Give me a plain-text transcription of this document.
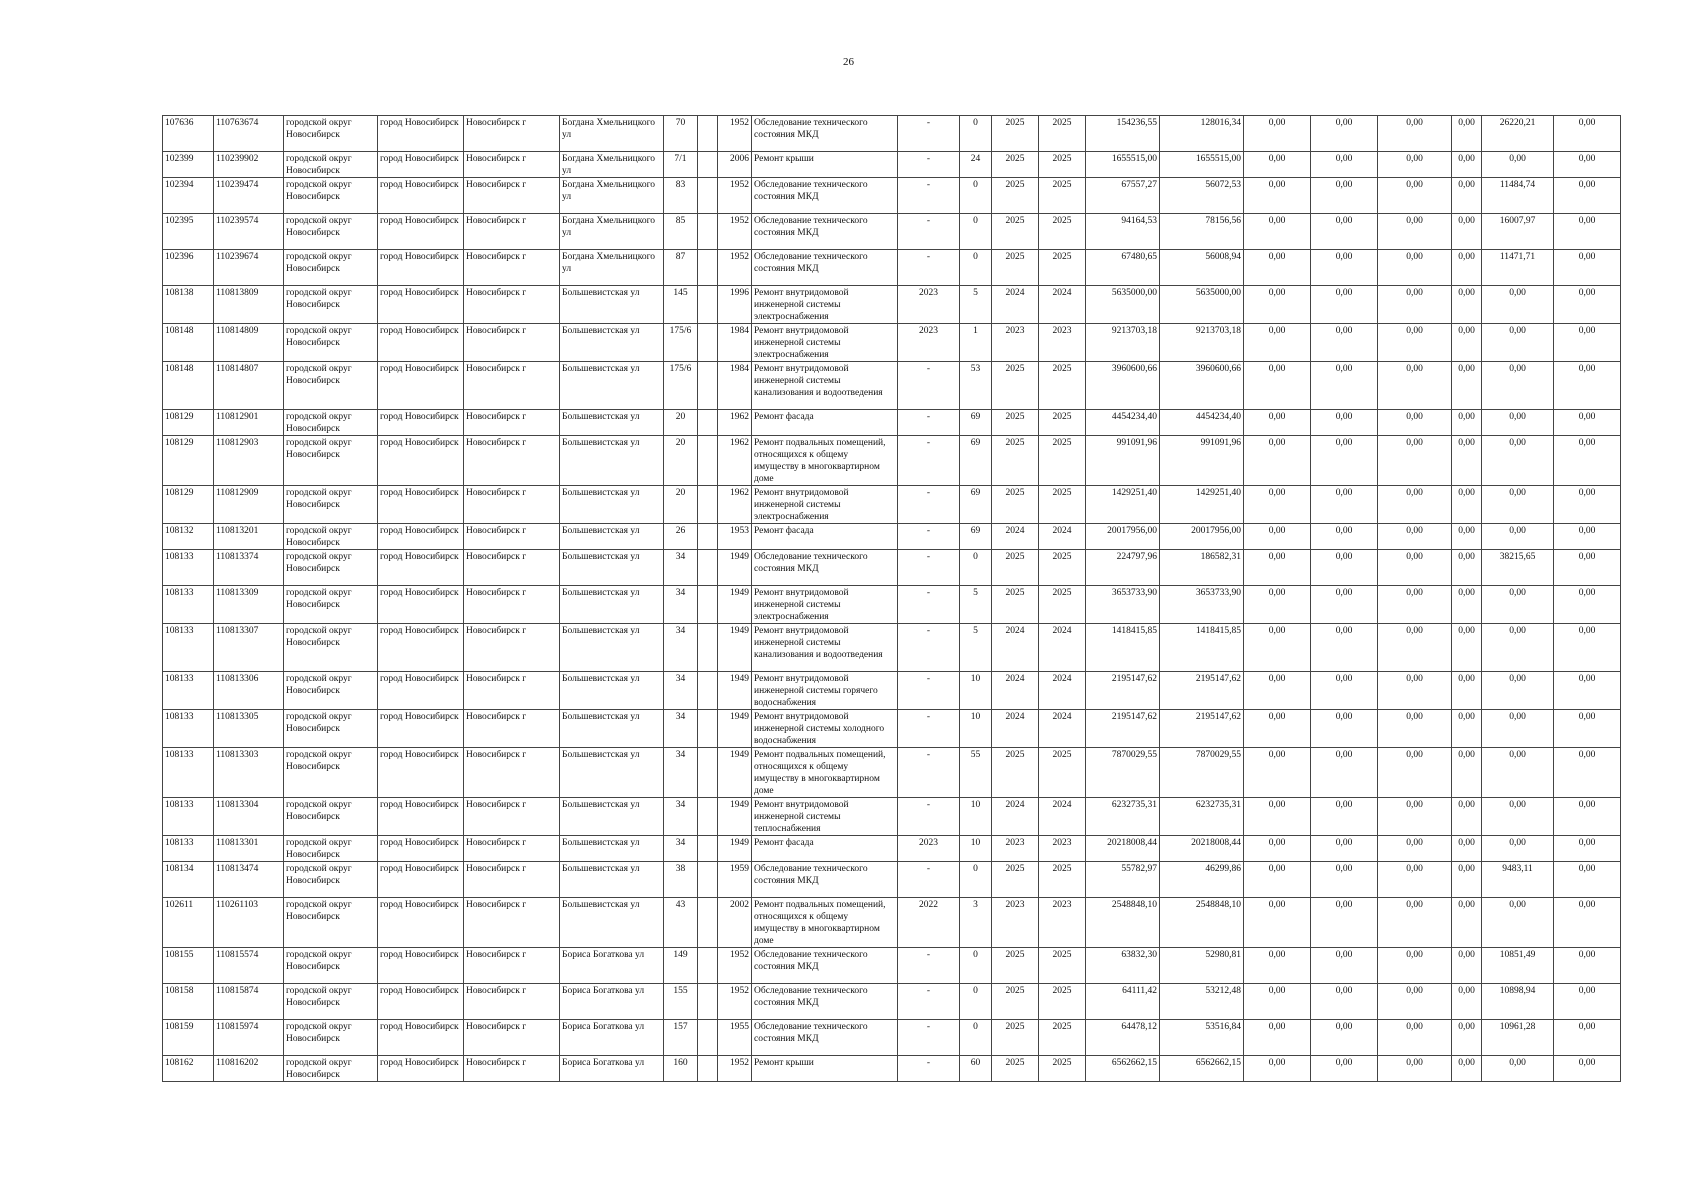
26
107636	110763674	городской округ Новосибирск	город Новосибирск	Новосибирск г	Богдана Хмельницкого ул	70		1952	Обследование технического состояния МКД	-	0	2025	2025	154236,55	128016,34	0,00	0,00	0,00	0,00	26220,21	0,00
102399	110239902	городской округ Новосибирск	город Новосибирск	Новосибирск г	Богдана Хмельницкого ул	7/1		2006	Ремонт крыши	-	24	2025	2025	1655515,00	1655515,00	0,00	0,00	0,00	0,00	0,00	0,00
102394	110239474	городской округ Новосибирск	город Новосибирск	Новосибирск г	Богдана Хмельницкого ул	83		1952	Обследование технического состояния МКД	-	0	2025	2025	67557,27	56072,53	0,00	0,00	0,00	0,00	11484,74	0,00
102395	110239574	городской округ Новосибирск	город Новосибирск	Новосибирск г	Богдана Хмельницкого ул	85		1952	Обследование технического состояния МКД	-	0	2025	2025	94164,53	78156,56	0,00	0,00	0,00	0,00	16007,97	0,00
102396	110239674	городской округ Новосибирск	город Новосибирск	Новосибирск г	Богдана Хмельницкого ул	87		1952	Обследование технического состояния МКД	-	0	2025	2025	67480,65	56008,94	0,00	0,00	0,00	0,00	11471,71	0,00
108138	110813809	городской округ Новосибирск	город Новосибирск	Новосибирск г	Большевистская ул	145		1996	Ремонт внутридомовой инженерной системы электроснабжения	2023	5	2024	2024	5635000,00	5635000,00	0,00	0,00	0,00	0,00	0,00	0,00
108148	110814809	городской округ Новосибирск	город Новосибирск	Новосибирск г	Большевистская ул	175/6		1984	Ремонт внутридомовой инженерной системы электроснабжения	2023	1	2023	2023	9213703,18	9213703,18	0,00	0,00	0,00	0,00	0,00	0,00
108148	110814807	городской округ Новосибирск	город Новосибирск	Новосибирск г	Большевистская ул	175/6		1984	Ремонт внутридомовой инженерной системы канализования и водоотведения	-	53	2025	2025	3960600,66	3960600,66	0,00	0,00	0,00	0,00	0,00	0,00
108129	110812901	городской округ Новосибирск	город Новосибирск	Новосибирск г	Большевистская ул	20		1962	Ремонт фасада	-	69	2025	2025	4454234,40	4454234,40	0,00	0,00	0,00	0,00	0,00	0,00
108129	110812903	городской округ Новосибирск	город Новосибирск	Новосибирск г	Большевистская ул	20		1962	Ремонт подвальных помещений, относящихся к общему имуществу в многоквартирном доме	-	69	2025	2025	991091,96	991091,96	0,00	0,00	0,00	0,00	0,00	0,00
108129	110812909	городской округ Новосибирск	город Новосибирск	Новосибирск г	Большевистская ул	20		1962	Ремонт внутридомовой инженерной системы электроснабжения	-	69	2025	2025	1429251,40	1429251,40	0,00	0,00	0,00	0,00	0,00	0,00
108132	110813201	городской округ Новосибирск	город Новосибирск	Новосибирск г	Большевистская ул	26		1953	Ремонт фасада	-	69	2024	2024	20017956,00	20017956,00	0,00	0,00	0,00	0,00	0,00	0,00
108133	110813374	городской округ Новосибирск	город Новосибирск	Новосибирск г	Большевистская ул	34		1949	Обследование технического состояния МКД	-	0	2025	2025	224797,96	186582,31	0,00	0,00	0,00	0,00	38215,65	0,00
108133	110813309	городской округ Новосибирск	город Новосибирск	Новосибирск г	Большевистская ул	34		1949	Ремонт внутридомовой инженерной системы электроснабжения	-	5	2025	2025	3653733,90	3653733,90	0,00	0,00	0,00	0,00	0,00	0,00
108133	110813307	городской округ Новосибирск	город Новосибирск	Новосибирск г	Большевистская ул	34		1949	Ремонт внутридомовой инженерной системы канализования и водоотведения	-	5	2024	2024	1418415,85	1418415,85	0,00	0,00	0,00	0,00	0,00	0,00
108133	110813306	городской округ Новосибирск	город Новосибирск	Новосибирск г	Большевистская ул	34		1949	Ремонт внутридомовой инженерной системы горячего водоснабжения	-	10	2024	2024	2195147,62	2195147,62	0,00	0,00	0,00	0,00	0,00	0,00
108133	110813305	городской округ Новосибирск	город Новосибирск	Новосибирск г	Большевистская ул	34		1949	Ремонт внутридомовой инженерной системы холодного водоснабжения	-	10	2024	2024	2195147,62	2195147,62	0,00	0,00	0,00	0,00	0,00	0,00
108133	110813303	городской округ Новосибирск	город Новосибирск	Новосибирск г	Большевистская ул	34		1949	Ремонт подвальных помещений, относящихся к общему имуществу в многоквартирном доме	-	55	2025	2025	7870029,55	7870029,55	0,00	0,00	0,00	0,00	0,00	0,00
108133	110813304	городской округ Новосибирск	город Новосибирск	Новосибирск г	Большевистская ул	34		1949	Ремонт внутридомовой инженерной системы теплоснабжения	-	10	2024	2024	6232735,31	6232735,31	0,00	0,00	0,00	0,00	0,00	0,00
108133	110813301	городской округ Новосибирск	город Новосибирск	Новосибирск г	Большевистская ул	34		1949	Ремонт фасада	2023	10	2023	2023	20218008,44	20218008,44	0,00	0,00	0,00	0,00	0,00	0,00
108134	110813474	городской округ Новосибирск	город Новосибирск	Новосибирск г	Большевистская ул	38		1959	Обследование технического состояния МКД	-	0	2025	2025	55782,97	46299,86	0,00	0,00	0,00	0,00	9483,11	0,00
102611	110261103	городской округ Новосибирск	город Новосибирск	Новосибирск г	Большевистская ул	43		2002	Ремонт подвальных помещений, относящихся к общему имуществу в многоквартирном доме	2022	3	2023	2023	2548848,10	2548848,10	0,00	0,00	0,00	0,00	0,00	0,00
108155	110815574	городской округ Новосибирск	город Новосибирск	Новосибирск г	Бориса Богаткова ул	149		1952	Обследование технического состояния МКД	-	0	2025	2025	63832,30	52980,81	0,00	0,00	0,00	0,00	10851,49	0,00
108158	110815874	городской округ Новосибирск	город Новосибирск	Новосибирск г	Бориса Богаткова ул	155		1952	Обследование технического состояния МКД	-	0	2025	2025	64111,42	53212,48	0,00	0,00	0,00	0,00	10898,94	0,00
108159	110815974	городской округ Новосибирск	город Новосибирск	Новосибирск г	Бориса Богаткова ул	157		1955	Обследование технического состояния МКД	-	0	2025	2025	64478,12	53516,84	0,00	0,00	0,00	0,00	10961,28	0,00
108162	110816202	городской округ Новосибирск	город Новосибирск	Новосибирск г	Бориса Богаткова ул	160		1952	Ремонт крыши	-	60	2025	2025	6562662,15	6562662,15	0,00	0,00	0,00	0,00	0,00	0,00
